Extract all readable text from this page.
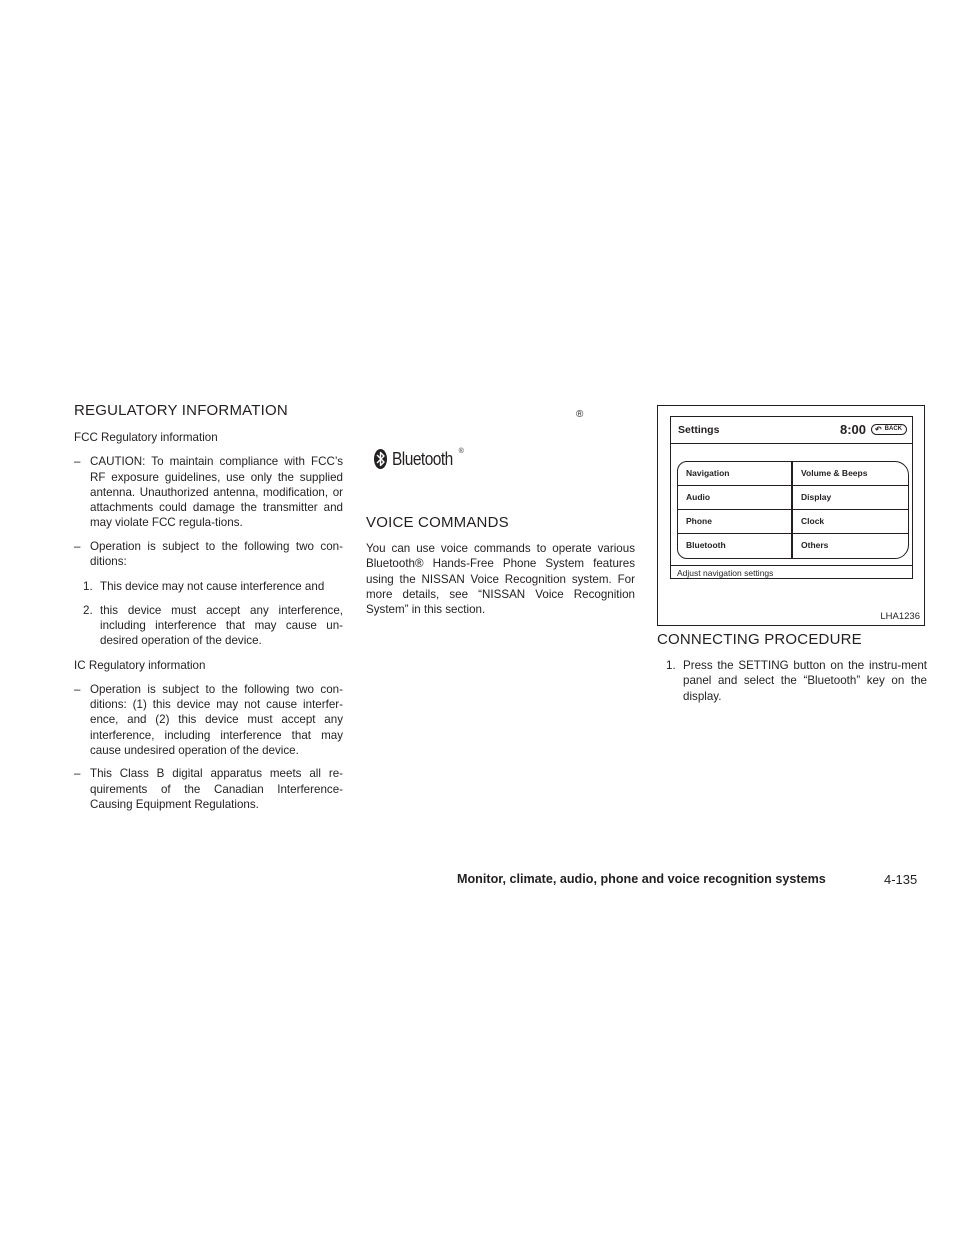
REGULATORY INFORMATION

FCC Regulatory information

– CAUTION: To maintain compliance with FCC’s RF exposure guidelines, use only the supplied antenna. Unauthorized antenna, modification, or attachments could damage the transmitter and may violate FCC regula-tions.
– Operation is subject to the following two con-ditions:
1. This device may not cause interference and
2. this device must accept any interference, including interference that may cause un-desired operation of the device.

IC Regulatory information

– Operation is subject to the following two con-ditions: (1) this device may not cause interfer-ence, and (2) this device must accept any interference, including interference that may cause undesired operation of the device.
– This Class B digital apparatus meets all re-quirements of the Canadian Interference-Causing Equipment Regulations.
®
Bluetooth ®
VOICE COMMANDS

You can use voice commands to operate various Bluetooth® Hands-Free Phone System features using the NISSAN Voice Recognition system. For more details, see “NISSAN Voice Recognition System” in this section.

Settings	8:00 ↶ BACK
Navigation
Audio
Phone
Bluetooth
Volume & Beeps
Display
Clock
Others
Adjust navigation settings
LHA1236
CONNECTING PROCEDURE
1. Press the SETTING button on the instru-ment panel and select the “Bluetooth” key on the display.
Monitor, climate, audio, phone and voice recognition systems	4-135
